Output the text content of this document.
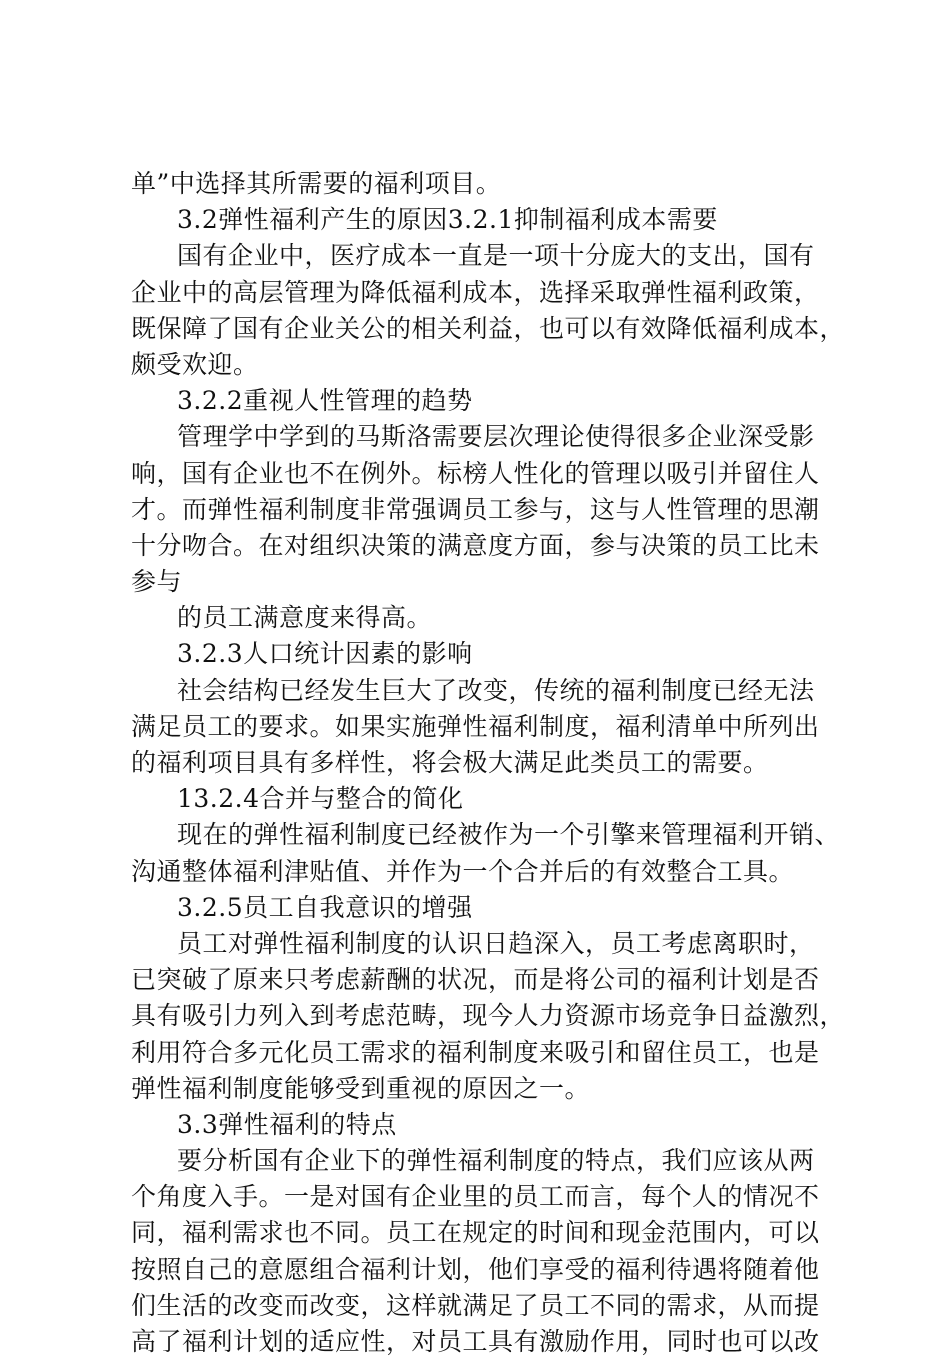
单”中选择其所需要的福利项目。
3.2弹性福利产生的原因3.2.1抑制福利成本需要
国有企业中，医疗成本一直是一项十分庞大的支出，国有
企业中的高层管理为降低福利成本，选择采取弹性福利政策，
既保障了国有企业关公的相关利益，也可以有效降低福利成本，
颇受欢迎。
3.2.2重视人性管理的趋势
管理学中学到的马斯洛需要层次理论使得很多企业深受影
响，国有企业也不在例外。标榜人性化的管理以吸引并留住人
才。而弹性福利制度非常强调员工参与，这与人性管理的思潮
十分吻合。在对组织决策的满意度方面，参与决策的员工比未
参与
的员工满意度来得高。
3.2.3人口统计因素的影响
社会结构已经发生巨大了改变，传统的福利制度已经无法
满足员工的要求。如果实施弹性福利制度，福利清单中所列出
的福利项目具有多样性，将会极大满足此类员工的需要。
13.2.4合并与整合的简化
现在的弹性福利制度已经被作为一个引擎来管理福利开销、
沟通整体福利津贴值、并作为一个合并后的有效整合工具。
3.2.5员工自我意识的增强
员工对弹性福利制度的认识日趋深入，员工考虑离职时，
已突破了原来只考虑薪酬的状况，而是将公司的福利计划是否
具有吸引力列入到考虑范畴，现今人力资源市场竞争日益激烈，
利用符合多元化员工需求的福利制度来吸引和留住员工，也是
弹性福利制度能够受到重视的原因之一。
3.3弹性福利的特点
要分析国有企业下的弹性福利制度的特点，我们应该从两
个角度入手。一是对国有企业里的员工而言，每个人的情况不
同，福利需求也不同。员工在规定的时间和现金范围内，可以
按照自己的意愿组合福利计划，他们享受的福利待遇将随着他
们生活的改变而改变，这样就满足了员工不同的需求，从而提
高了福利计划的适应性，对员工具有激励作用，同时也可以改
